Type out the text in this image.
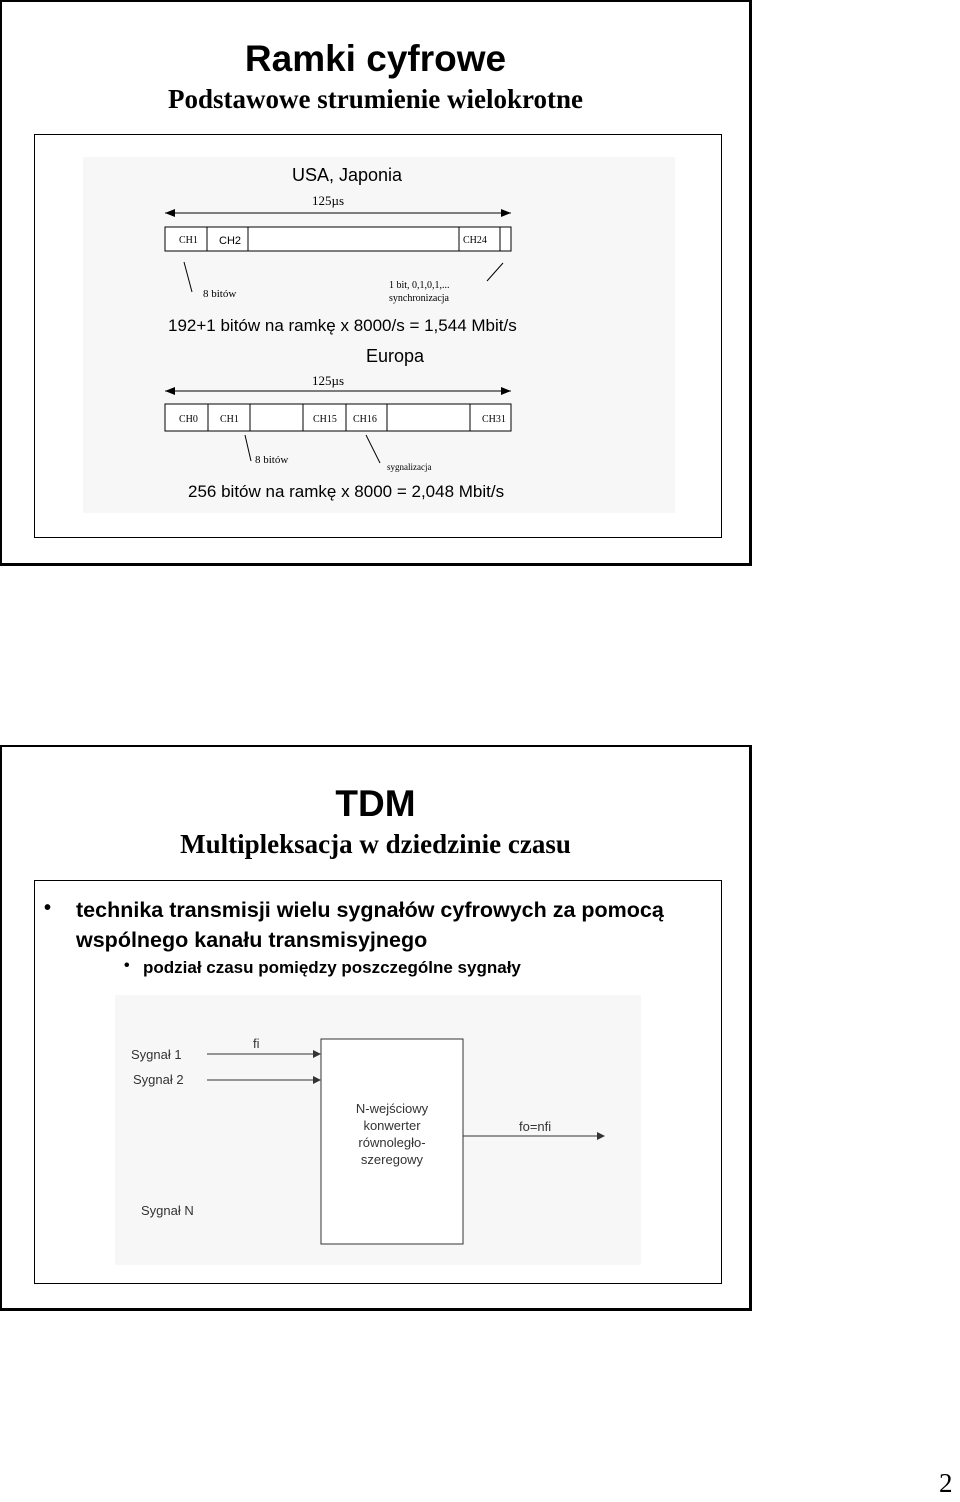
Ramki cyfrowe
Podstawowe strumienie wielokrotne
USA, Japonia
125µs
CH1 CH2	CH24
8 bitów
1 bit, 0,1,0,1,...
synchronizacja
192+1 bitów na ramkę x 8000/s = 1,544 Mbit/s
Europa
125µs
CH0 CH1	CH15 CH16	CH31
8 bitów
sygnalizacja
256 bitów na ramkę x 8000 = 2,048 Mbit/s
TDM
Multipleksacja w dziedzinie czasu
Sygnał 1
Sygnał 2
Sygnał N
fi
N-wejściowy
konwerter
równoległo-
szeregowy
fo=nfi
•	technika transmisji wielu sygnałów cyfrowych za pomocą wspólnego kanału transmisyjnego
• podział czasu pomiędzy poszczególne sygnały
2
